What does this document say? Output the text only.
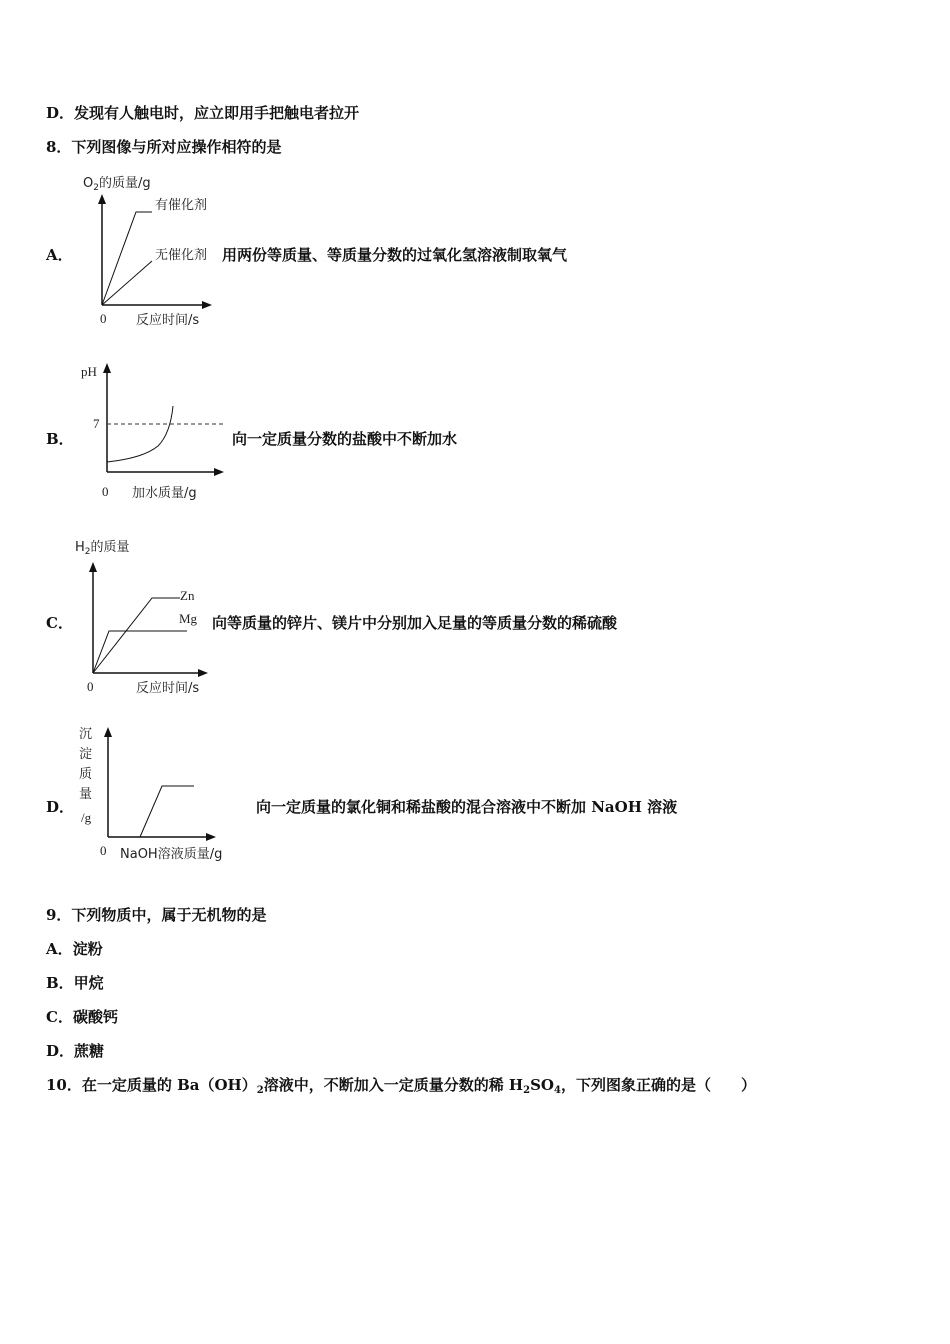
D．发现有人触电时，应立即用手把触电者拉开
8．下列图像与所对应操作相符的是
A．
$O_2$的质量/g
有催化剂
无催化剂
0 反应时间/s
用两份等质量、等质量分数的过氧化氢溶液制取氧气
B．
pH
7
0 加水质量/g
向一定质量分数的盐酸中不断加水
C．
$H_2$的质量
Zn
Mg
0	反应时间/s
向等质量的锌片、镁片中分别加入足量的等质量分数的稀硫酸
D．
沉
淀
质
量
/g
0 NaOH溶液质量/g
向一定质量的氯化铜和稀盐酸的混合溶液中不断加 NaOH 溶液
9．下列物质中，属于无机物的是
A．淀粉
B．甲烷
C．碳酸钙
D．蔗糖
10．在一定质量的 $Ba(OH)_2$溶液中，不断加入一定质量分数的稀 $H_2SO_4$，下列图象正确的是（　　）
